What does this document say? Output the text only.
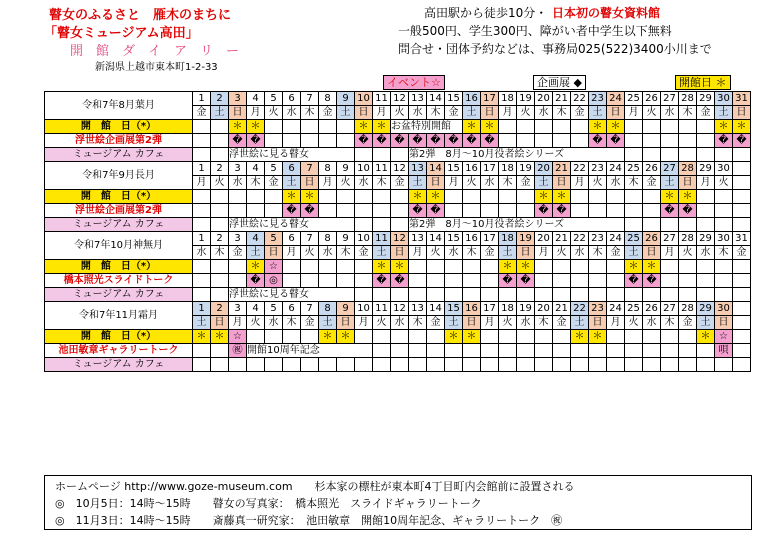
瞽女のふるさと　雁木のまちに
「瞽女ミュージアム高田」
開　館　ダ　イ　ア　リ　ー
新潟県上越市東本町1-2-33
高田駅から徒歩10分・ 日本初の瞽女資料館
一般500円、学生300円、障がい者中学生以下無料
問合せ・団体予約などは、事務局025(522)3400小川まで
イベント☆	企画展 ◆	開館日 ＊
令和7年8月葉月	1	2	3	4	5	6	7	8	9	10	11	12	13	14	15	16	17	18	19	20	21	22	23	24	25	26	27	28	29	30	31
	金	土	日	月	火	水	木	金	土	日	月	火	水	木	金	土	日	月	火	水	木	金	土	日	月	火	水	木	金	土	日
開　館　日（*）			＊	＊						＊	＊	お盆特別開館				＊	＊						＊	＊						＊	＊
浮世絵企画展第2弾			�	�						�	�	�	�	�	�	�	�						�	�						�	�
ミュージアム カフェ			浮世絵に見る瞽女										第2弾　8月〜10月役者絵シリーズ																		
令和7年9月長月	1	2	3	4	5	6	7	8	9	10	11	12	13	14	15	16	17	18	19	20	21	22	23	24	25	26	27	28	29	30	
	月	火	水	木	金	土	日	月	火	水	木	金	土	日	月	火	水	木	金	土	日	月	火	水	木	金	土	日	月	火	
開　館　日（*）						＊	＊						＊	＊						＊	＊						＊	＊			
浮世絵企画展第2弾						�	�						�	�						�	�						�	�			
ミュージアム カフェ			浮世絵に見る瞽女										第2弾　8月〜10月役者絵シリーズ																		
令和7年10月神無月	1	2	3	4	5	6	7	8	9	10	11	12	13	14	15	16	17	18	19	20	21	22	23	24	25	26	27	28	29	30	31
	水	木	金	土	日	月	火	水	木	金	土	日	月	火	水	木	金	土	日	月	火	水	木	金	土	日	月	火	水	木	金
開　館　日（*）				＊	☆						＊	＊						＊	＊						＊	＊					
橋本照光スライドトーク				�	◎						�	�						�	�						�	�					
ミュージアム カフェ			浮世絵に見る瞽女																												
令和7年11月霜月	1	2	3	4	5	6	7	8	9	10	11	12	13	14	15	16	17	18	19	20	21	22	23	24	25	26	27	28	29	30	
	土	日	月	火	水	木	金	土	日	月	火	水	木	金	土	日	月	火	水	木	金	土	日	月	火	水	木	金	土	日	
開　館　日（*）	＊	＊	☆					＊	＊						＊	＊						＊	＊						＊	☆	
池田敏章ギャラリートーク			㊗	開館10周年記念																										唄	
ミュージアム カフェ																															
ホームページ http://www.goze-museum.com　　杉本家の標柱が東本町4丁目町内会館前に設置される
◎　10月5日：14時〜15時　　瞽女の写真家：　橋本照光　スライドギャラリートーク
◎　11月3日：14時〜15時　　斎藤真一研究家：　池田敏章　開館10周年記念、ギャラリートーク　㊗
